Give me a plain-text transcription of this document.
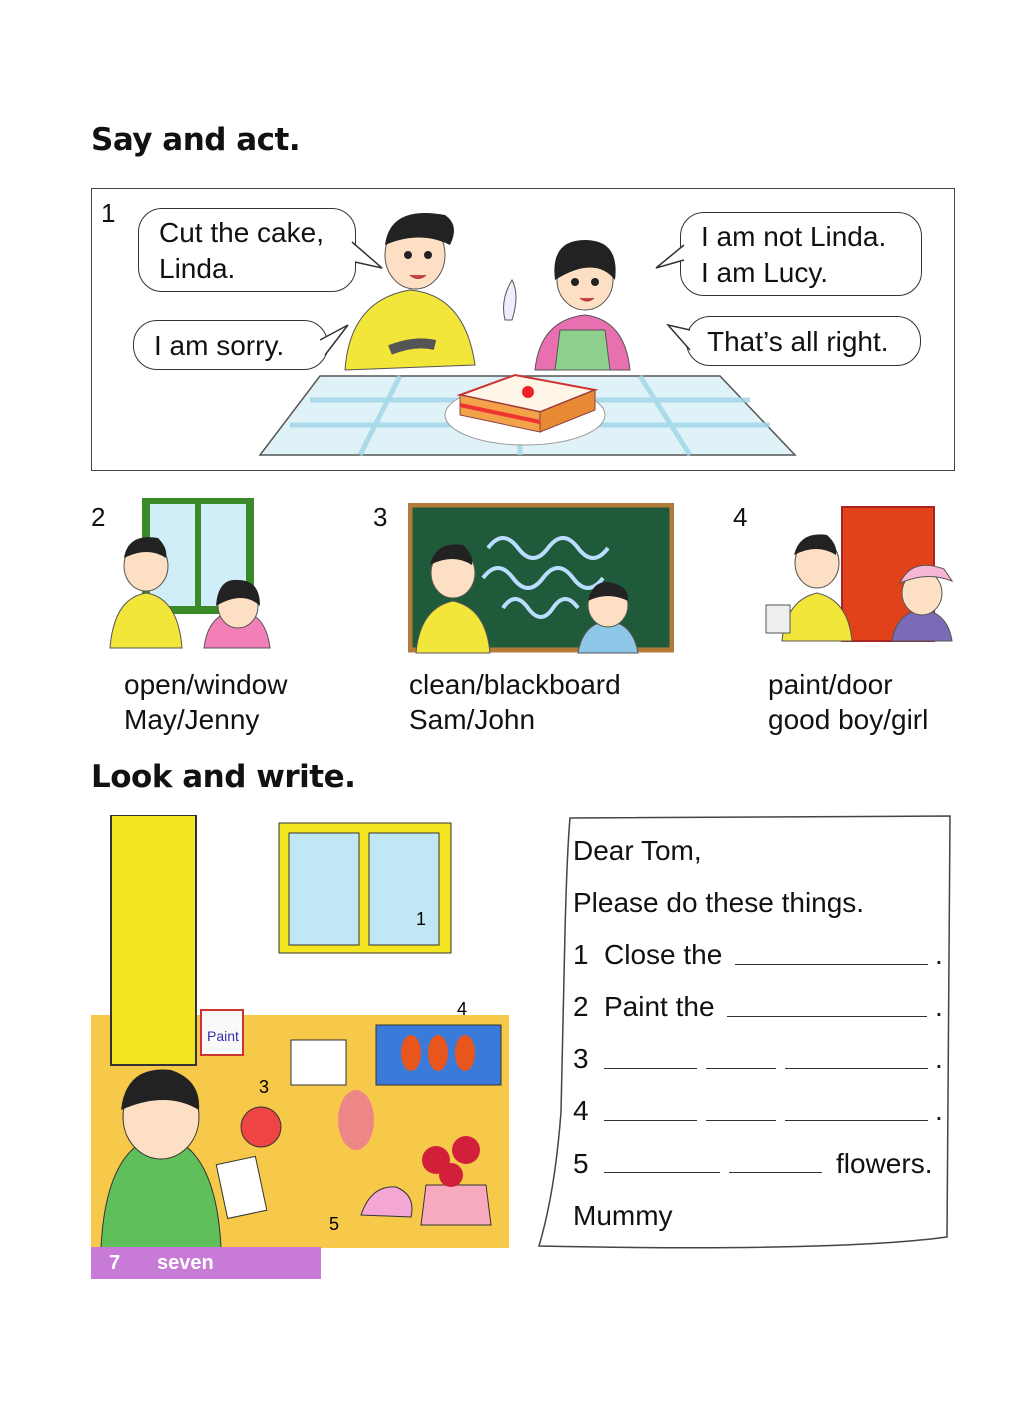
Say and act.
1
Cut the cake,
Linda.
I am sorry.
I am not Linda.
I am Lucy.
That’s all right.
2
open/window
May/Jenny
3
clean/blackboard
Sam/John
4
paint/door
good boy/girl
Look and write.
Paint
1
3
4
5
Dear Tom,
Please do these things.
1 Close the	.
2 Paint the	.
3	.
4	.
5	flowers.
Mummy
7 seven
